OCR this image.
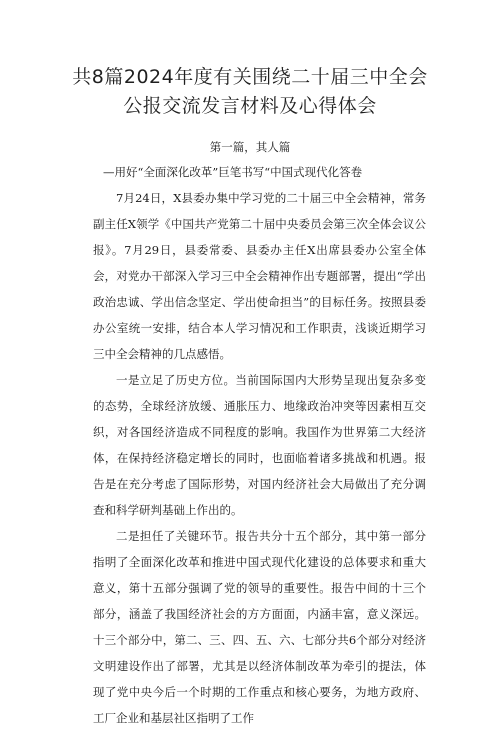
共8篇2024年度有关围绕二十届三中全会
公报交流发言材料及心得体会
第一篇，其人篇
—用好“全面深化改革”巨笔书写“中国式现代化答卷

7月24日，X县委办集中学习党的二十届三中全会精神，常务副主任X领学《中国共产党第二十届中央委员会第三次全体会议公报》。7月29日，县委常委、县委办主任X出席县委办公室全体会，对党办干部深入学习三中全会精神作出专题部署，提出“学出政治忠诚、学出信念坚定、学出使命担当”的目标任务。按照县委办公室统一安排，结合本人学习情况和工作职责，浅谈近期学习三中全会精神的几点感悟。

一是立足了历史方位。当前国际国内大形势呈现出复杂多变的态势，全球经济放缓、通胀压力、地缘政治冲突等因素相互交织，对各国经济造成不同程度的影响。我国作为世界第二大经济体，在保持经济稳定增长的同时，也面临着诸多挑战和机遇。报告是在充分考虑了国际形势，对国内经济社会大局做出了充分调查和科学研判基础上作出的。

二是担任了关键环节。报告共分十五个部分，其中第一部分指明了全面深化改革和推进中国式现代化建设的总体要求和重大意义，第十五部分强调了党的领导的重要性。报告中间的十三个部分，涵盖了我国经济社会的方方面面，内涵丰富，意义深远。十三个部分中，第二、三、四、五、六、七部分共6个部分对经济文明建设作出了部署，尤其是以经济体制改革为牵引的提法，体现了党中央今后一个时期的工作重点和核心要务，为地方政府、工厂企业和基层社区指明了工作
